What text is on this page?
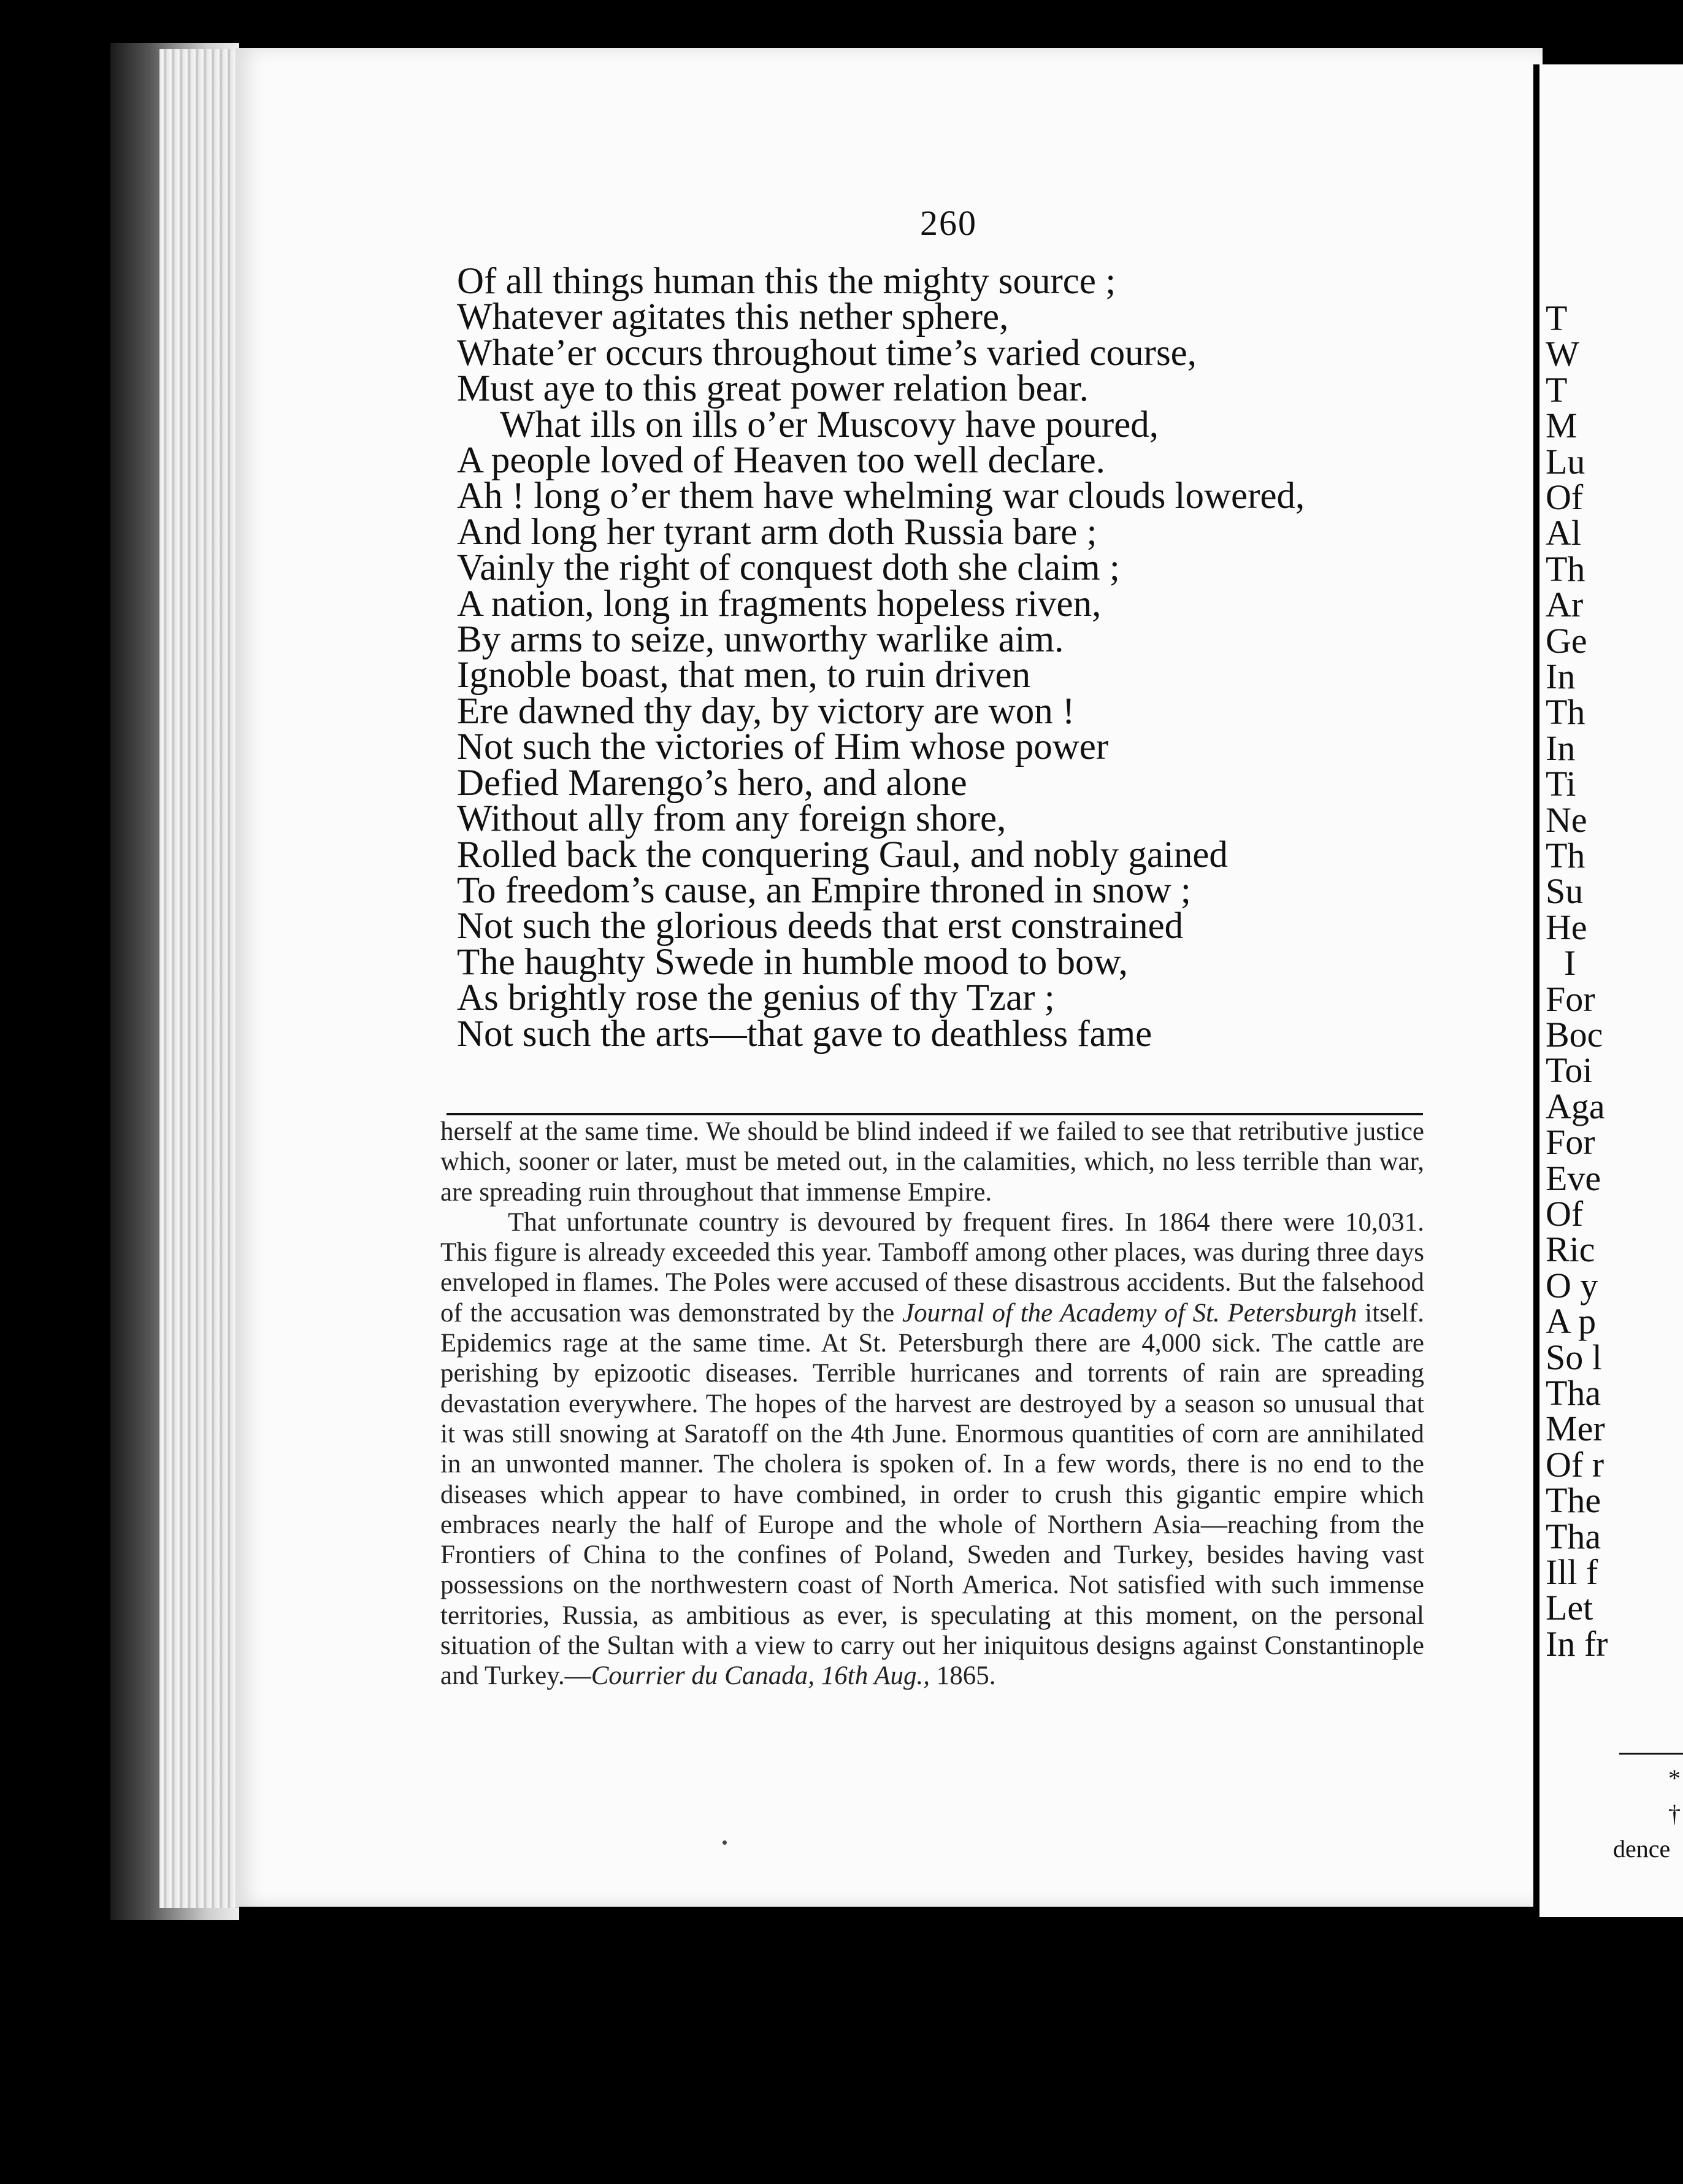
260
Of all things human this the mighty source ;
Whatever agitates this nether sphere,
Whate’er occurs throughout time’s varied course,
Must aye to this great power relation bear.
What ills on ills o’er Muscovy have poured,
A people loved of Heaven too well declare.
Ah ! long o’er them have whelming war clouds lowered,
And long her tyrant arm doth Russia bare ;
Vainly the right of conquest doth she claim ;
A nation, long in fragments hopeless riven,
By arms to seize, unworthy warlike aim.
Ignoble boast, that men, to ruin driven
Ere dawned thy day, by victory are won !
Not such the victories of Him whose power
Defied Marengo’s hero, and alone
Without ally from any foreign shore,
Rolled back the conquering Gaul, and nobly gained
To freedom’s cause, an Empire throned in snow ;
Not such the glorious deeds that erst constrained
The haughty Swede in humble mood to bow,
As brightly rose the genius of thy Tzar ;
Not such the arts—that gave to deathless fame

herself at the same time. We should be blind indeed if we failed to see that retributive justice which, sooner or later, must be meted out, in the calamities, which, no less terrible than war, are spreading ruin throughout that immense Empire.

That unfortunate country is devoured by frequent fires. In 1864 there were 10,031. This figure is already exceeded this year. Tamboff among other places, was during three days enveloped in flames. The Poles were accused of these disastrous accidents. But the falsehood of the accusation was demonstrated by the Journal of the Academy of St. Petersburgh itself. Epidemics rage at the same time. At St. Petersburgh there are 4,000 sick. The cattle are perishing by epizootic diseases. Terrible hurricanes and torrents of rain are spreading devastation everywhere. The hopes of the harvest are destroyed by a season so unusual that it was still snowing at Saratoff on the 4th June. Enormous quantities of corn are annihilated in an unwonted manner. The cholera is spoken of. In a few words, there is no end to the diseases which appear to have combined, in order to crush this gigantic empire which embraces nearly the half of Europe and the whole of Northern Asia—reaching from the Frontiers of China to the confines of Poland, Sweden and Turkey, besides having vast possessions on the northwestern coast of North America. Not satisfied with such immense territories, Russia, as ambitious as ever, is speculating at this moment, on the personal situation of the Sultan with a view to carry out her iniquitous designs against Constantinople and Turkey.—Courrier du Canada, 16th Aug., 1865.

T
W
T
M
Lu
Of
Al
Th
Ar
Ge
In
Th
In
Ti
Ne
Th
Su
He
I
For
Boc
Toi
Aga
For
Eve
Of
Ric
O y
A p
So l
Tha
Mer
Of r
The
Tha
Ill f
Let
In fr
*
†
dence
